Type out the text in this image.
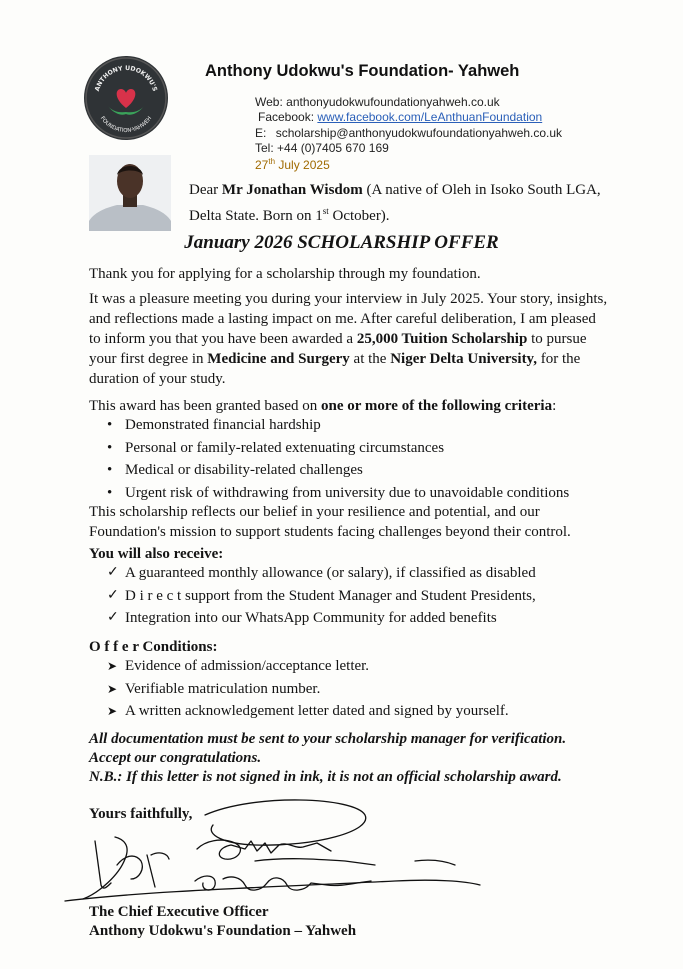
ANTHONY UDOKWU'S
FOUNDATION-YAHWEH
Anthony Udokwu's Foundation- Yahweh
Web: anthonyudokwufoundationyahweh.co.uk
Facebook: www.facebook.com/LeAnthuanFoundation
E: scholarship@anthonyudokwufoundationyahweh.co.uk
Tel: +44 (0)7405 670 169
27th July 2025
Dear Mr Jonathan Wisdom (A native of Oleh in Isoko South LGA, Delta State. Born on 1st October).
January 2026 SCHOLARSHIP OFFER

Thank you for applying for a scholarship through my foundation.

It was a pleasure meeting you during your interview in July 2025. Your story, insights, and reflections made a lasting impact on me. After careful deliberation, I am pleased to inform you that you have been awarded a 25,000 Tuition Scholarship to pursue your first degree in Medicine and Surgery at the Niger Delta University, for the duration of your study.

This award has been granted based on one or more of the following criteria:
• Demonstrated financial hardship
• Personal or family-related extenuating circumstances
• Medical or disability-related challenges
• Urgent risk of withdrawing from university due to unavoidable conditions

This scholarship reflects our belief in your resilience and potential, and our Foundation's mission to support students facing challenges beyond their control.

You will also receive:
✓ A guaranteed monthly allowance (or salary), if classified as disabled
✓ D i r e c t support from the Student Manager and Student Presidents,
✓ Integration into our WhatsApp Community for added benefits
O f f e r Conditions:
➤ Evidence of admission/acceptance letter.
➤ Verifiable matriculation number.
➤ A written acknowledgement letter dated and signed by yourself.
All documentation must be sent to your scholarship manager for verification.
Accept our congratulations.
N.B.: If this letter is not signed in ink, it is not an official scholarship award.
Yours faithfully,
The Chief Executive Officer
Anthony Udokwu's Foundation – Yahweh
